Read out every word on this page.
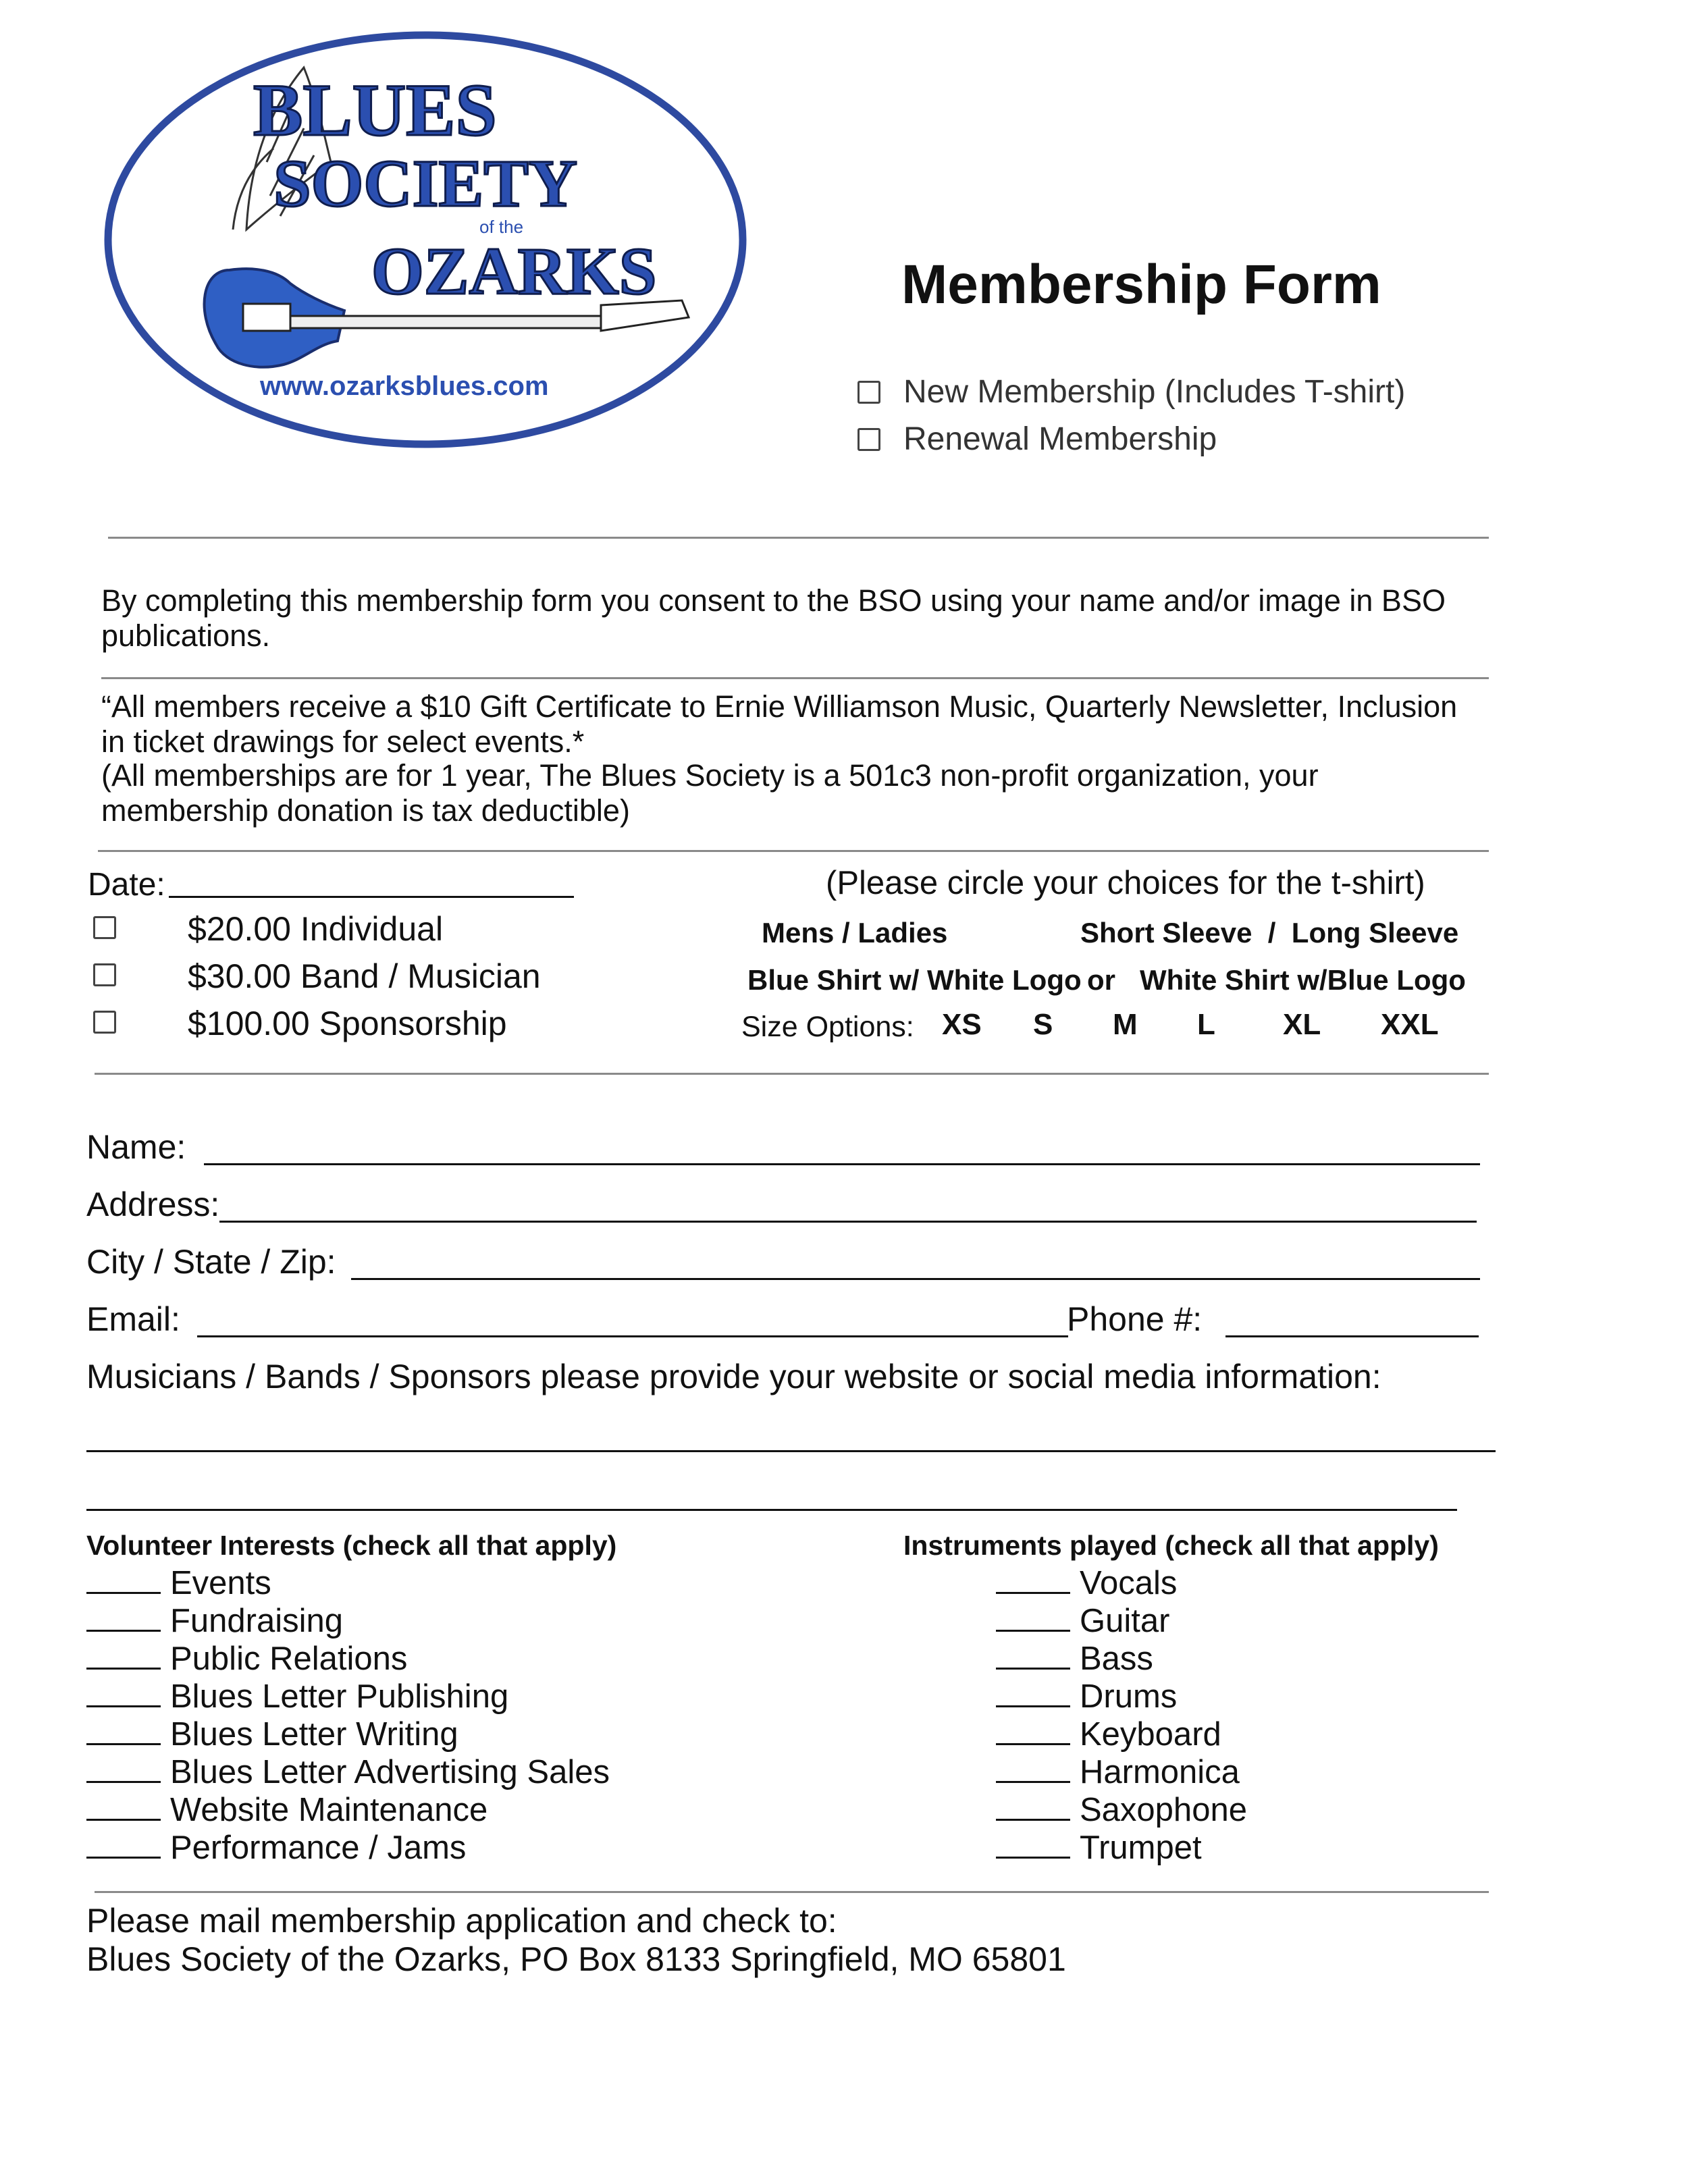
BLUES
SOCIETY
of the
OZARKS
www.ozarksblues.com
Membership Form
New Membership (Includes T-shirt)
Renewal Membership
By completing this membership form you consent to the BSO using your name and/or image in BSO publications.
“All members receive a $10 Gift Certificate to Ernie Williamson Music, Quarterly Newsletter, Inclusion in ticket drawings for select events.*
(All memberships are for 1 year, The Blues Society is a 501c3 non-profit organization, your membership donation is tax deductible)
Date:
$20.00 Individual
$30.00 Band / Musician
$100.00 Sponsorship
(Please circle your choices for the t-shirt)
Mens / Ladies	Short Sleeve  /  Long Sleeve
Blue Shirt w/ White Logo or White Shirt w/Blue Logo
Size Options: XS S M L XL XXL
Name:
Address:
City / State / Zip:
Email:	Phone #:
Musicians / Bands / Sponsors please provide your website or social media information:
Volunteer Interests (check all that apply)
Events
Fundraising
Public Relations
Blues Letter Publishing
Blues Letter Writing
Blues Letter Advertising Sales
Website Maintenance
Performance / Jams
Instruments played (check all that apply)
Vocals
Guitar
Bass
Drums
Keyboard
Harmonica
Saxophone
Trumpet
Please mail membership application and check to:
Blues Society of the Ozarks, PO Box 8133 Springfield, MO 65801
